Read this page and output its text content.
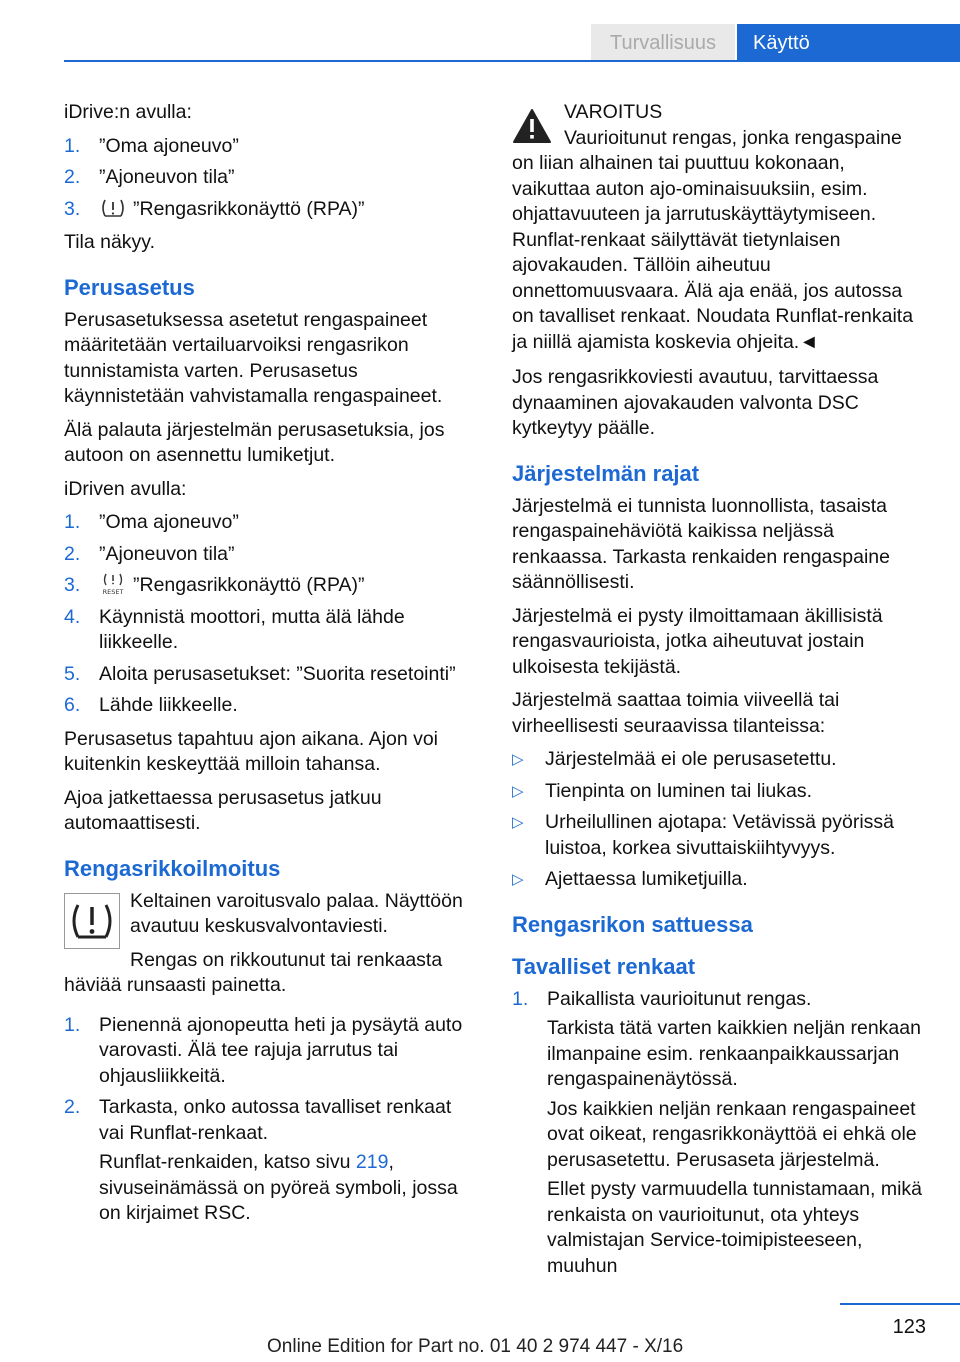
Turvallisuus	Käyttö

iDrive:n avulla:

1. ”Oma ajoneuvo”
2. ”Ajoneuvon tila”
3.	”Rengasrikkonäyttö (RPA)”

Tila näkyy.

Perusasetus

Perusasetuksessa asetetut rengaspaineet määritetään vertailuarvoiksi rengasrikon tunnistamista varten. Perusasetus käynnistetään vahvistamalla rengaspaineet.

Älä palauta järjestelmän perusasetuksia, jos autoon on asennettu lumiketjut.

iDriven avulla:

1. ”Oma ajoneuvo”
2. ”Ajoneuvon tila”
3.	RESET ”Rengasrikkonäyttö (RPA)”
4. Käynnistä moottori, mutta älä lähde liikkeelle.
5. Aloita perusasetukset: ”Suorita resetointi”
6. Lähde liikkeelle.

Perusasetus tapahtuu ajon aikana. Ajon voi kuitenkin keskeyttää milloin tahansa.

Ajoa jatkettaessa perusasetus jatkuu automaattisesti.

Rengasrikkoilmoitus

Keltainen varoitusvalo palaa. Näyttöön avautuu keskusvalvontaviesti.

Rengas on rikkoutunut tai renkaasta häviää runsaasti painetta.

1. Pienennä ajonopeutta heti ja pysäytä auto varovasti. Älä tee rajuja jarrutus tai ohjausliikkeitä.
2. Tarkasta, onko autossa tavalliset renkaat vai Runflat-renkaat.

Runflat-renkaiden, katso sivu 219, sivuseinämässä on pyöreä symboli, jossa on kirjaimet RSC.

VAROITUS

Vaurioitunut rengas, jonka rengaspaine on liian alhainen tai puuttuu kokonaan, vaikuttaa auton ajo-ominaisuuksiin, esim. ohjattavuuteen ja jarrutuskäyttäytymiseen. Runflat-renkaat säilyttävät tietynlaisen ajovakauden. Tällöin aiheutuu onnettomuusvaara. Älä aja enää, jos autossa on tavalliset renkaat. Noudata Runflat-renkaita ja niillä ajamista koskevia ohjeita.◄

Jos rengasrikkoviesti avautuu, tarvittaessa dynaaminen ajovakauden valvonta DSC kytkeytyy päälle.

Järjestelmän rajat

Järjestelmä ei tunnista luonnollista, tasaista rengaspainehäviötä kaikissa neljässä renkaassa. Tarkasta renkaiden rengaspaine säännöllisesti.

Järjestelmä ei pysty ilmoittamaan äkillisistä rengasvaurioista, jotka aiheutuvat jostain ulkoisesta tekijästä.

Järjestelmä saattaa toimia viiveellä tai virheellisesti seuraavissa tilanteissa:

▷ Järjestelmää ei ole perusasetettu.
▷ Tienpinta on luminen tai liukas.
▷ Urheilullinen ajotapa: Vetävissä pyörissä luistoa, korkea sivuttaiskiihtyvyys.
▷ Ajettaessa lumiketjuilla.
Rengasrikon sattuessa
Tavalliset renkaat
1. Paikallista vaurioitunut rengas.

Tarkista tätä varten kaikkien neljän renkaan ilmanpaine esim. renkaanpaikkaussarjan rengaspainenäytössä.

Jos kaikkien neljän renkaan rengaspaineet ovat oikeat, rengasrikkonäyttöä ei ehkä ole perusasetettu. Perusaseta järjestelmä.

Ellet pysty varmuudella tunnistamaan, mikä renkaista on vaurioitunut, ota yhteys valmistajan Service-toimipisteeseen, muuhun

123
Online Edition for Part no. 01 40 2 974 447 - X/16
